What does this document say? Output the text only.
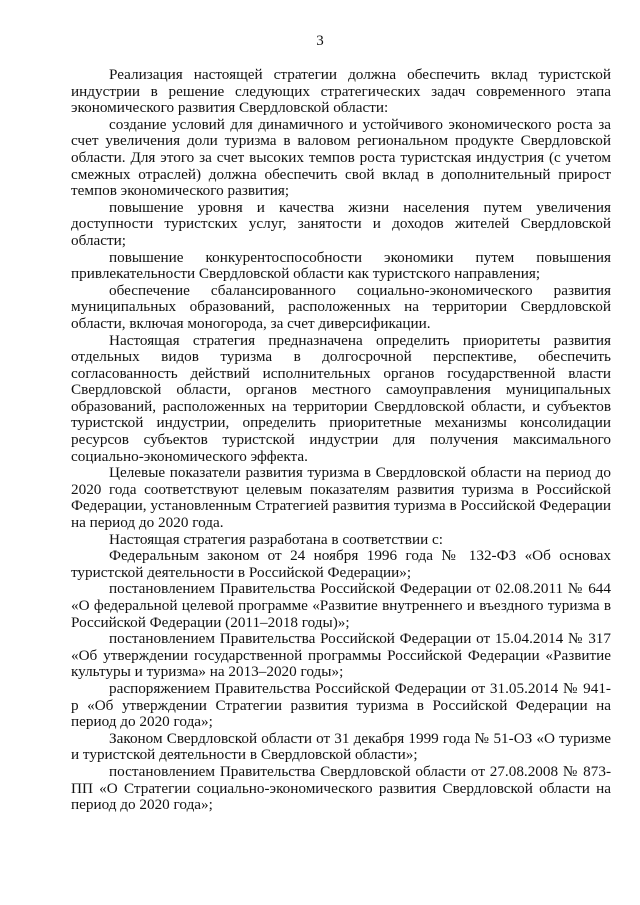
3

Реализация настоящей стратегии должна обеспечить вклад туристской индустрии в решение следующих стратегических задач современного этапа экономического развития Свердловской области:

создание условий для динамичного и устойчивого экономического роста за счет увеличения доли туризма в валовом региональном продукте Свердловской области. Для этого за счет высоких темпов роста туристская индустрия (с учетом смежных отраслей) должна обеспечить свой вклад в дополнительный прирост темпов экономического развития;

повышение уровня и качества жизни населения путем увеличения доступности туристских услуг, занятости и доходов жителей Свердловской области;

повышение конкурентоспособности экономики путем повышения привлекательности Свердловской области как туристского направления;

обеспечение сбалансированного социально-экономического развития муниципальных образований, расположенных на территории Свердловской области, включая моногорода, за счет диверсификации.

Настоящая стратегия предназначена определить приоритеты развития отдельных видов туризма в долгосрочной перспективе, обеспечить согласованность действий исполнительных органов государственной власти Свердловской области, органов местного самоуправления муниципальных образований, расположенных на территории Свердловской области, и субъектов туристской индустрии, определить приоритетные механизмы консолидации ресурсов субъектов туристской индустрии для получения максимального социально-экономического эффекта.

Целевые показатели развития туризма в Свердловской области на период до 2020 года соответствуют целевым показателям развития туризма в Российской Федерации, установленным Стратегией развития туризма в Российской Федерации на период до 2020 года.

Настоящая стратегия разработана в соответствии с:

Федеральным законом от 24 ноября 1996 года № 132-ФЗ «Об основах туристской деятельности в Российской Федерации»;

постановлением Правительства Российской Федерации от 02.08.2011 № 644 «О федеральной целевой программе «Развитие внутреннего и въездного туризма в Российской Федерации (2011–2018 годы)»;

постановлением Правительства Российской Федерации от 15.04.2014 № 317 «Об утверждении государственной программы Российской Федерации «Развитие культуры и туризма» на 2013–2020 годы»;

распоряжением Правительства Российской Федерации от 31.05.2014 № 941-р «Об утверждении Стратегии развития туризма в Российской Федерации на период до 2020 года»;

Законом Свердловской области от 31 декабря 1999 года № 51-ОЗ «О туризме и туристской деятельности в Свердловской области»;

постановлением Правительства Свердловской области от 27.08.2008 № 873-ПП «О Стратегии социально-экономического развития Свердловской области на период до 2020 года»;
